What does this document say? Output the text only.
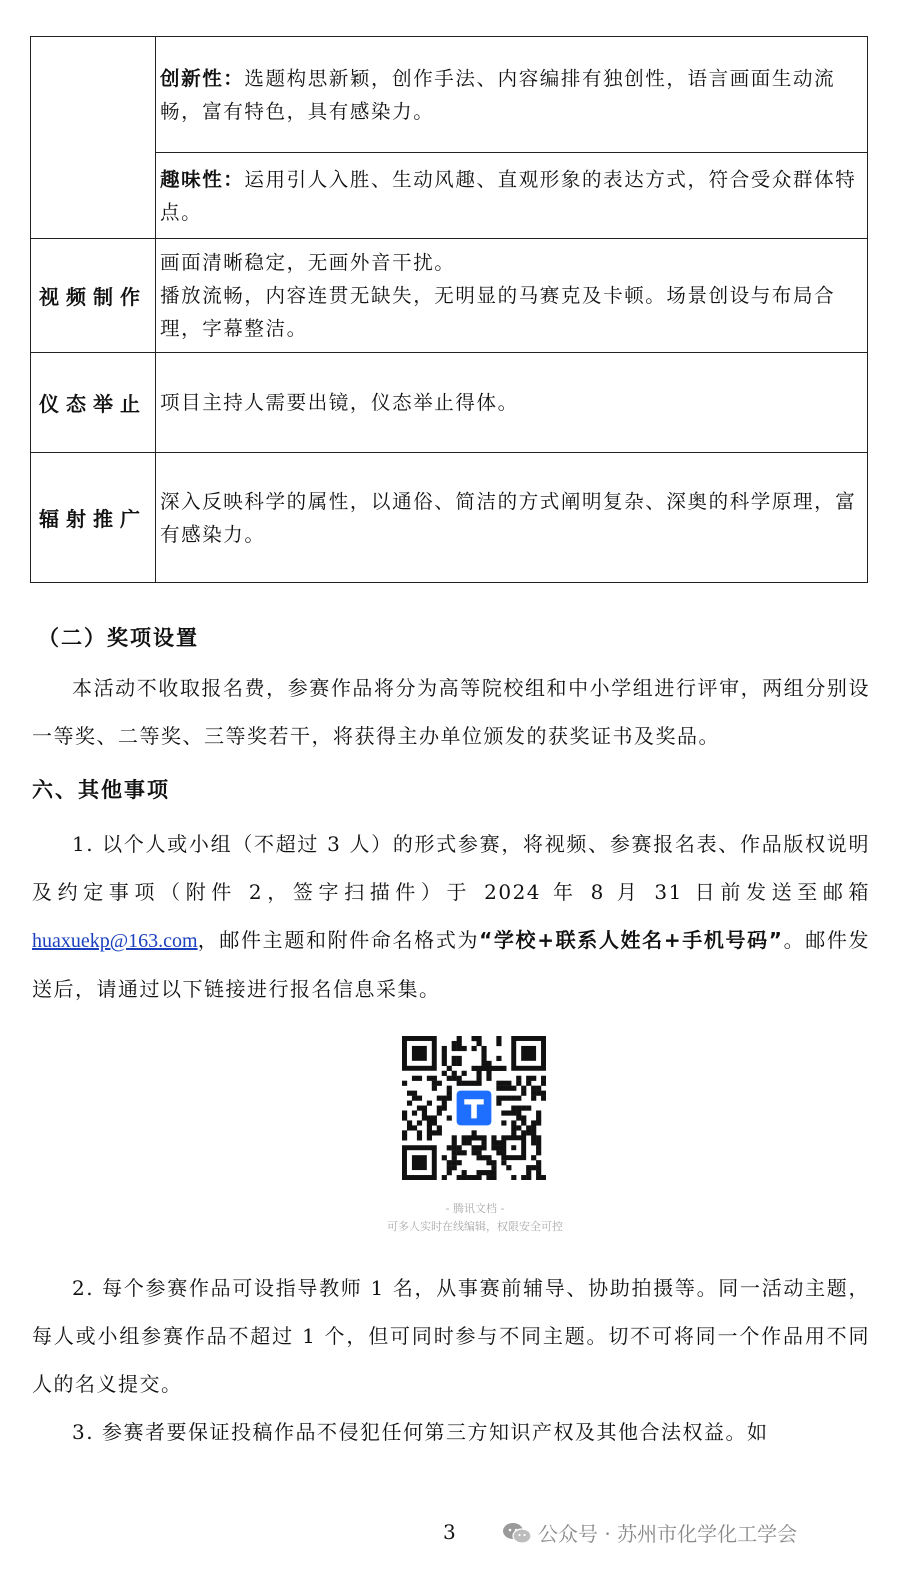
	创新性：选题构思新颖，创作手法、内容编排有独创性，语言画面生动流畅，富有特色，具有感染力。
	趣味性：运用引人入胜、生动风趣、直观形象的表达方式，符合受众群体特点。
视频制作	画面清晰稳定，无画外音干扰。
播放流畅，内容连贯无缺失，无明显的马赛克及卡顿。场景创设与布局合理，字幕整洁。

仪态举止	项目主持人需要出镜，仪态举止得体。
辐射推广	深入反映科学的属性，以通俗、简洁的方式阐明复杂、深奥的科学原理，富有感染力。
（二）奖项设置

本活动不收取报名费，参赛作品将分为高等院校组和中小学组进行评审，两组分别设一等奖、二等奖、三等奖若干，将获得主办单位颁发的获奖证书及奖品。

六、其他事项

1. 以个人或小组（不超过 3 人）的形式参赛，将视频、参赛报名表、作品版权说明及约定事项（附件 2，签字扫描件）于 2024 年 8 月 31 日前发送至邮箱huaxuekp@163.com，邮件主题和附件命名格式为“学校+联系人姓名+手机号码”。邮件发送后，请通过以下链接进行报名信息采集。

- 腾讯文档 -
可多人实时在线编辑，权限安全可控

2. 每个参赛作品可设指导教师 1 名，从事赛前辅导、协助拍摄等。同一活动主题，每人或小组参赛作品不超过 1 个，但可同时参与不同主题。切不可将同一个作品用不同人的名义提交。

3. 参赛者要保证投稿作品不侵犯任何第三方知识产权及其他合法权益。如

3	公众号 · 苏州市化学化工学会
